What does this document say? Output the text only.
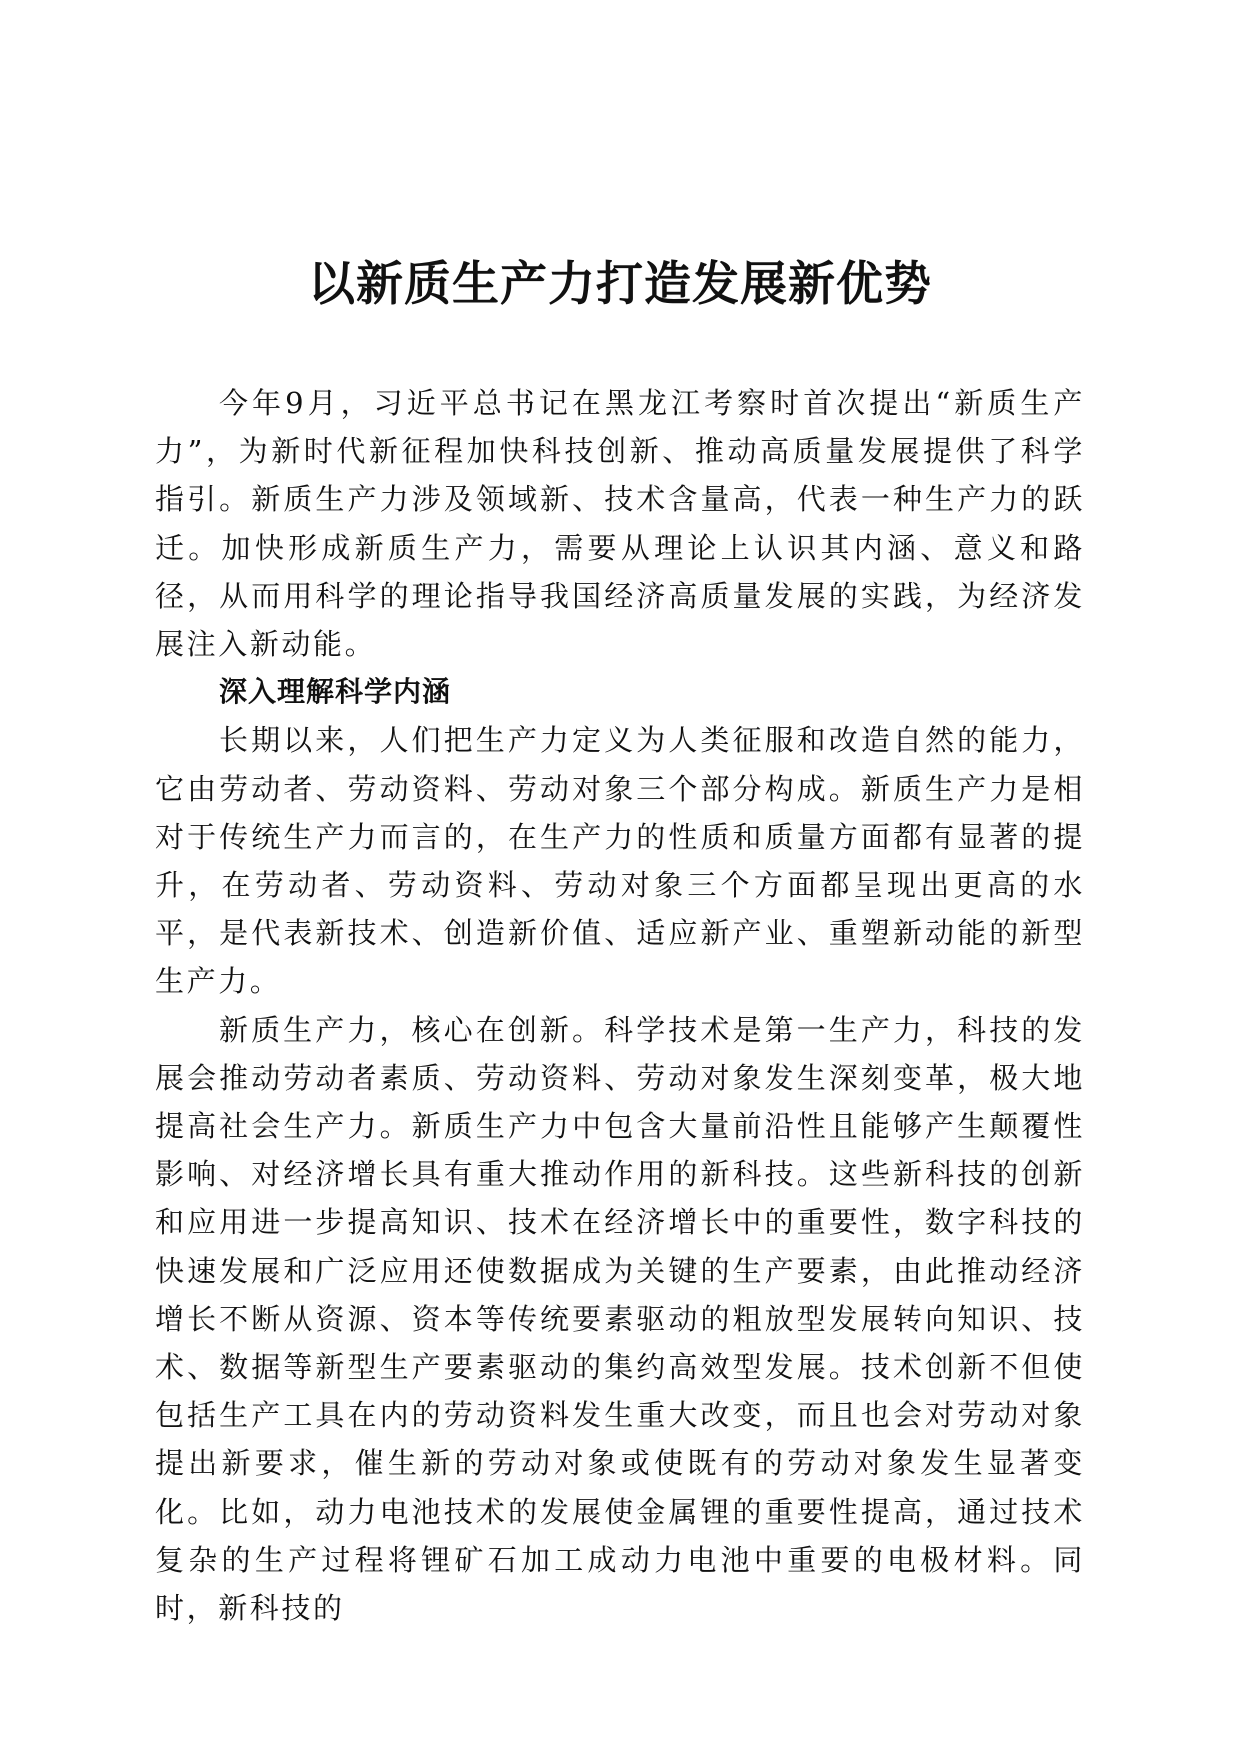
以新质生产力打造发展新优势

今年9月，习近平总书记在黑龙江考察时首次提出“新质生产力”，为新时代新征程加快科技创新、推动高质量发展提供了科学指引。新质生产力涉及领域新、技术含量高，代表一种生产力的跃迁。加快形成新质生产力，需要从理论上认识其内涵、意义和路径，从而用科学的理论指导我国经济高质量发展的实践，为经济发展注入新动能。

深入理解科学内涵

长期以来，人们把生产力定义为人类征服和改造自然的能力，它由劳动者、劳动资料、劳动对象三个部分构成。新质生产力是相对于传统生产力而言的，在生产力的性质和质量方面都有显著的提升，在劳动者、劳动资料、劳动对象三个方面都呈现出更高的水平，是代表新技术、创造新价值、适应新产业、重塑新动能的新型生产力。

新质生产力，核心在创新。科学技术是第一生产力，科技的发展会推动劳动者素质、劳动资料、劳动对象发生深刻变革，极大地提高社会生产力。新质生产力中包含大量前沿性且能够产生颠覆性影响、对经济增长具有重大推动作用的新科技。这些新科技的创新和应用进一步提高知识、技术在经济增长中的重要性，数字科技的快速发展和广泛应用还使数据成为关键的生产要素，由此推动经济增长不断从资源、资本等传统要素驱动的粗放型发展转向知识、技术、数据等新型生产要素驱动的集约高效型发展。技术创新不但使包括生产工具在内的劳动资料发生重大改变，而且也会对劳动对象提出新要求，催生新的劳动对象或使既有的劳动对象发生显著变化。比如，动力电池技术的发展使金属锂的重要性提高，通过技术复杂的生产过程将锂矿石加工成动力电池中重要的电极材料。同时，新科技的
